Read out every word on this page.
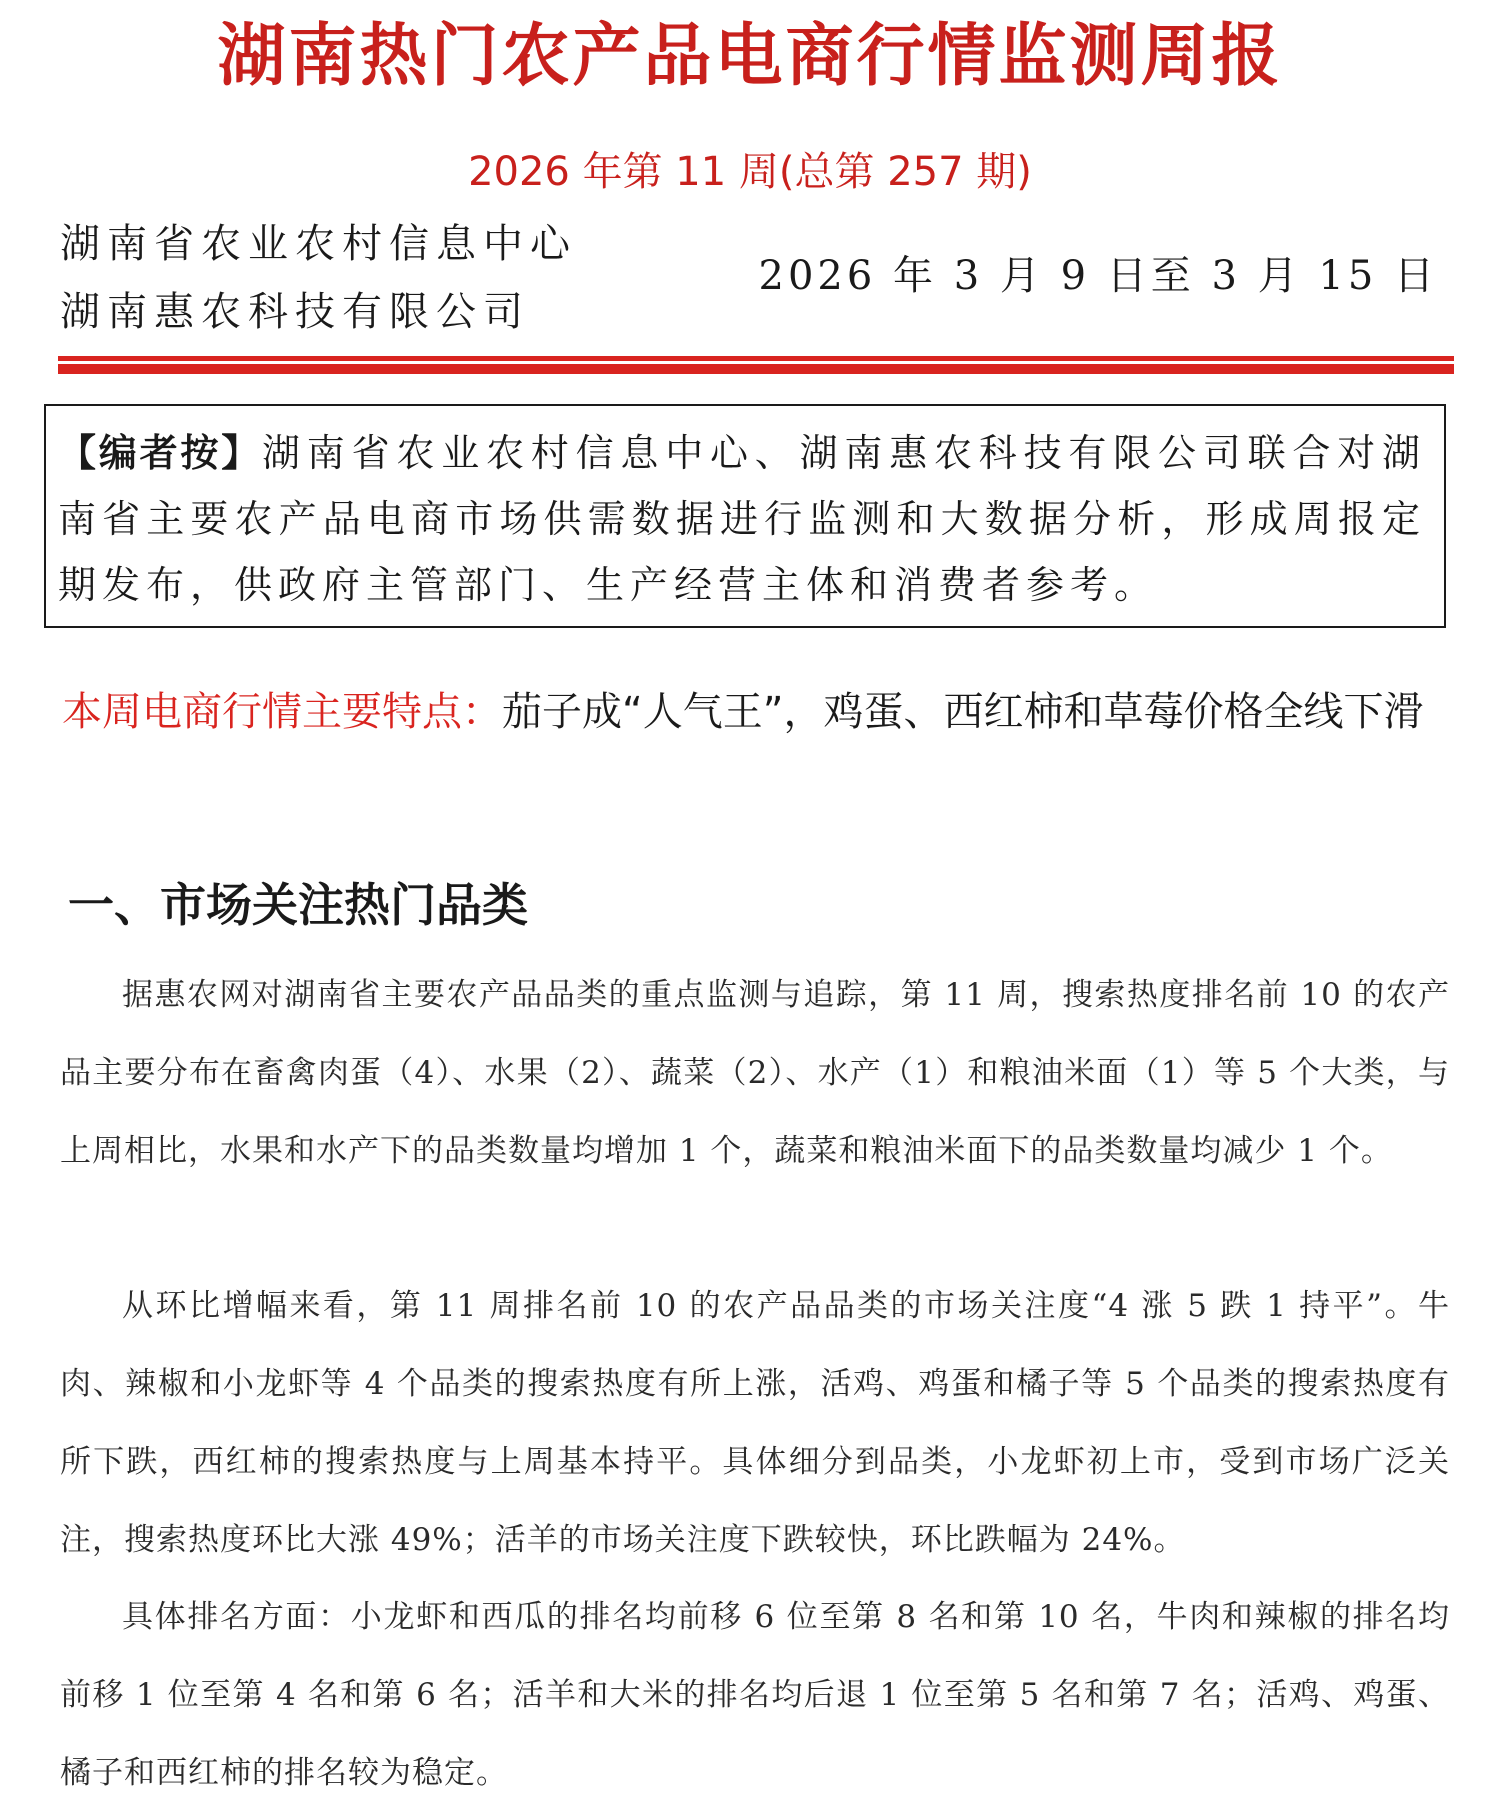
湖南热门农产品电商行情监测周报
2026 年第 11 周(总第 257 期)
湖南省农业农村信息中心
湖南惠农科技有限公司
2026 年 3 月 9 日至 3 月 15 日
【编者按】湖南省农业农村信息中心、湖南惠农科技有限公司联合对湖南省主要农产品电商市场供需数据进行监测和大数据分析，形成周报定期发布，供政府主管部门、生产经营主体和消费者参考。
本周电商行情主要特点：茄子成“人气王”，鸡蛋、西红柿和草莓价格全线下滑
一、市场关注热门品类
据惠农网对湖南省主要农产品品类的重点监测与追踪，第 11 周，搜索热度排名前 10 的农产品主要分布在畜禽肉蛋（4）、水果（2）、蔬菜（2）、水产（1）和粮油米面（1）等 5 个大类，与上周相比，水果和水产下的品类数量均增加 1 个，蔬菜和粮油米面下的品类数量均减少 1 个。
从环比增幅来看，第 11 周排名前 10 的农产品品类的市场关注度“4 涨 5 跌 1 持平”。牛肉、辣椒和小龙虾等 4 个品类的搜索热度有所上涨，活鸡、鸡蛋和橘子等 5 个品类的搜索热度有所下跌，西红柿的搜索热度与上周基本持平。具体细分到品类，小龙虾初上市，受到市场广泛关注，搜索热度环比大涨 49%；活羊的市场关注度下跌较快，环比跌幅为 24%。
具体排名方面：小龙虾和西瓜的排名均前移 6 位至第 8 名和第 10 名，牛肉和辣椒的排名均前移 1 位至第 4 名和第 6 名；活羊和大米的排名均后退 1 位至第 5 名和第 7 名；活鸡、鸡蛋、橘子和西红柿的排名较为稳定。
